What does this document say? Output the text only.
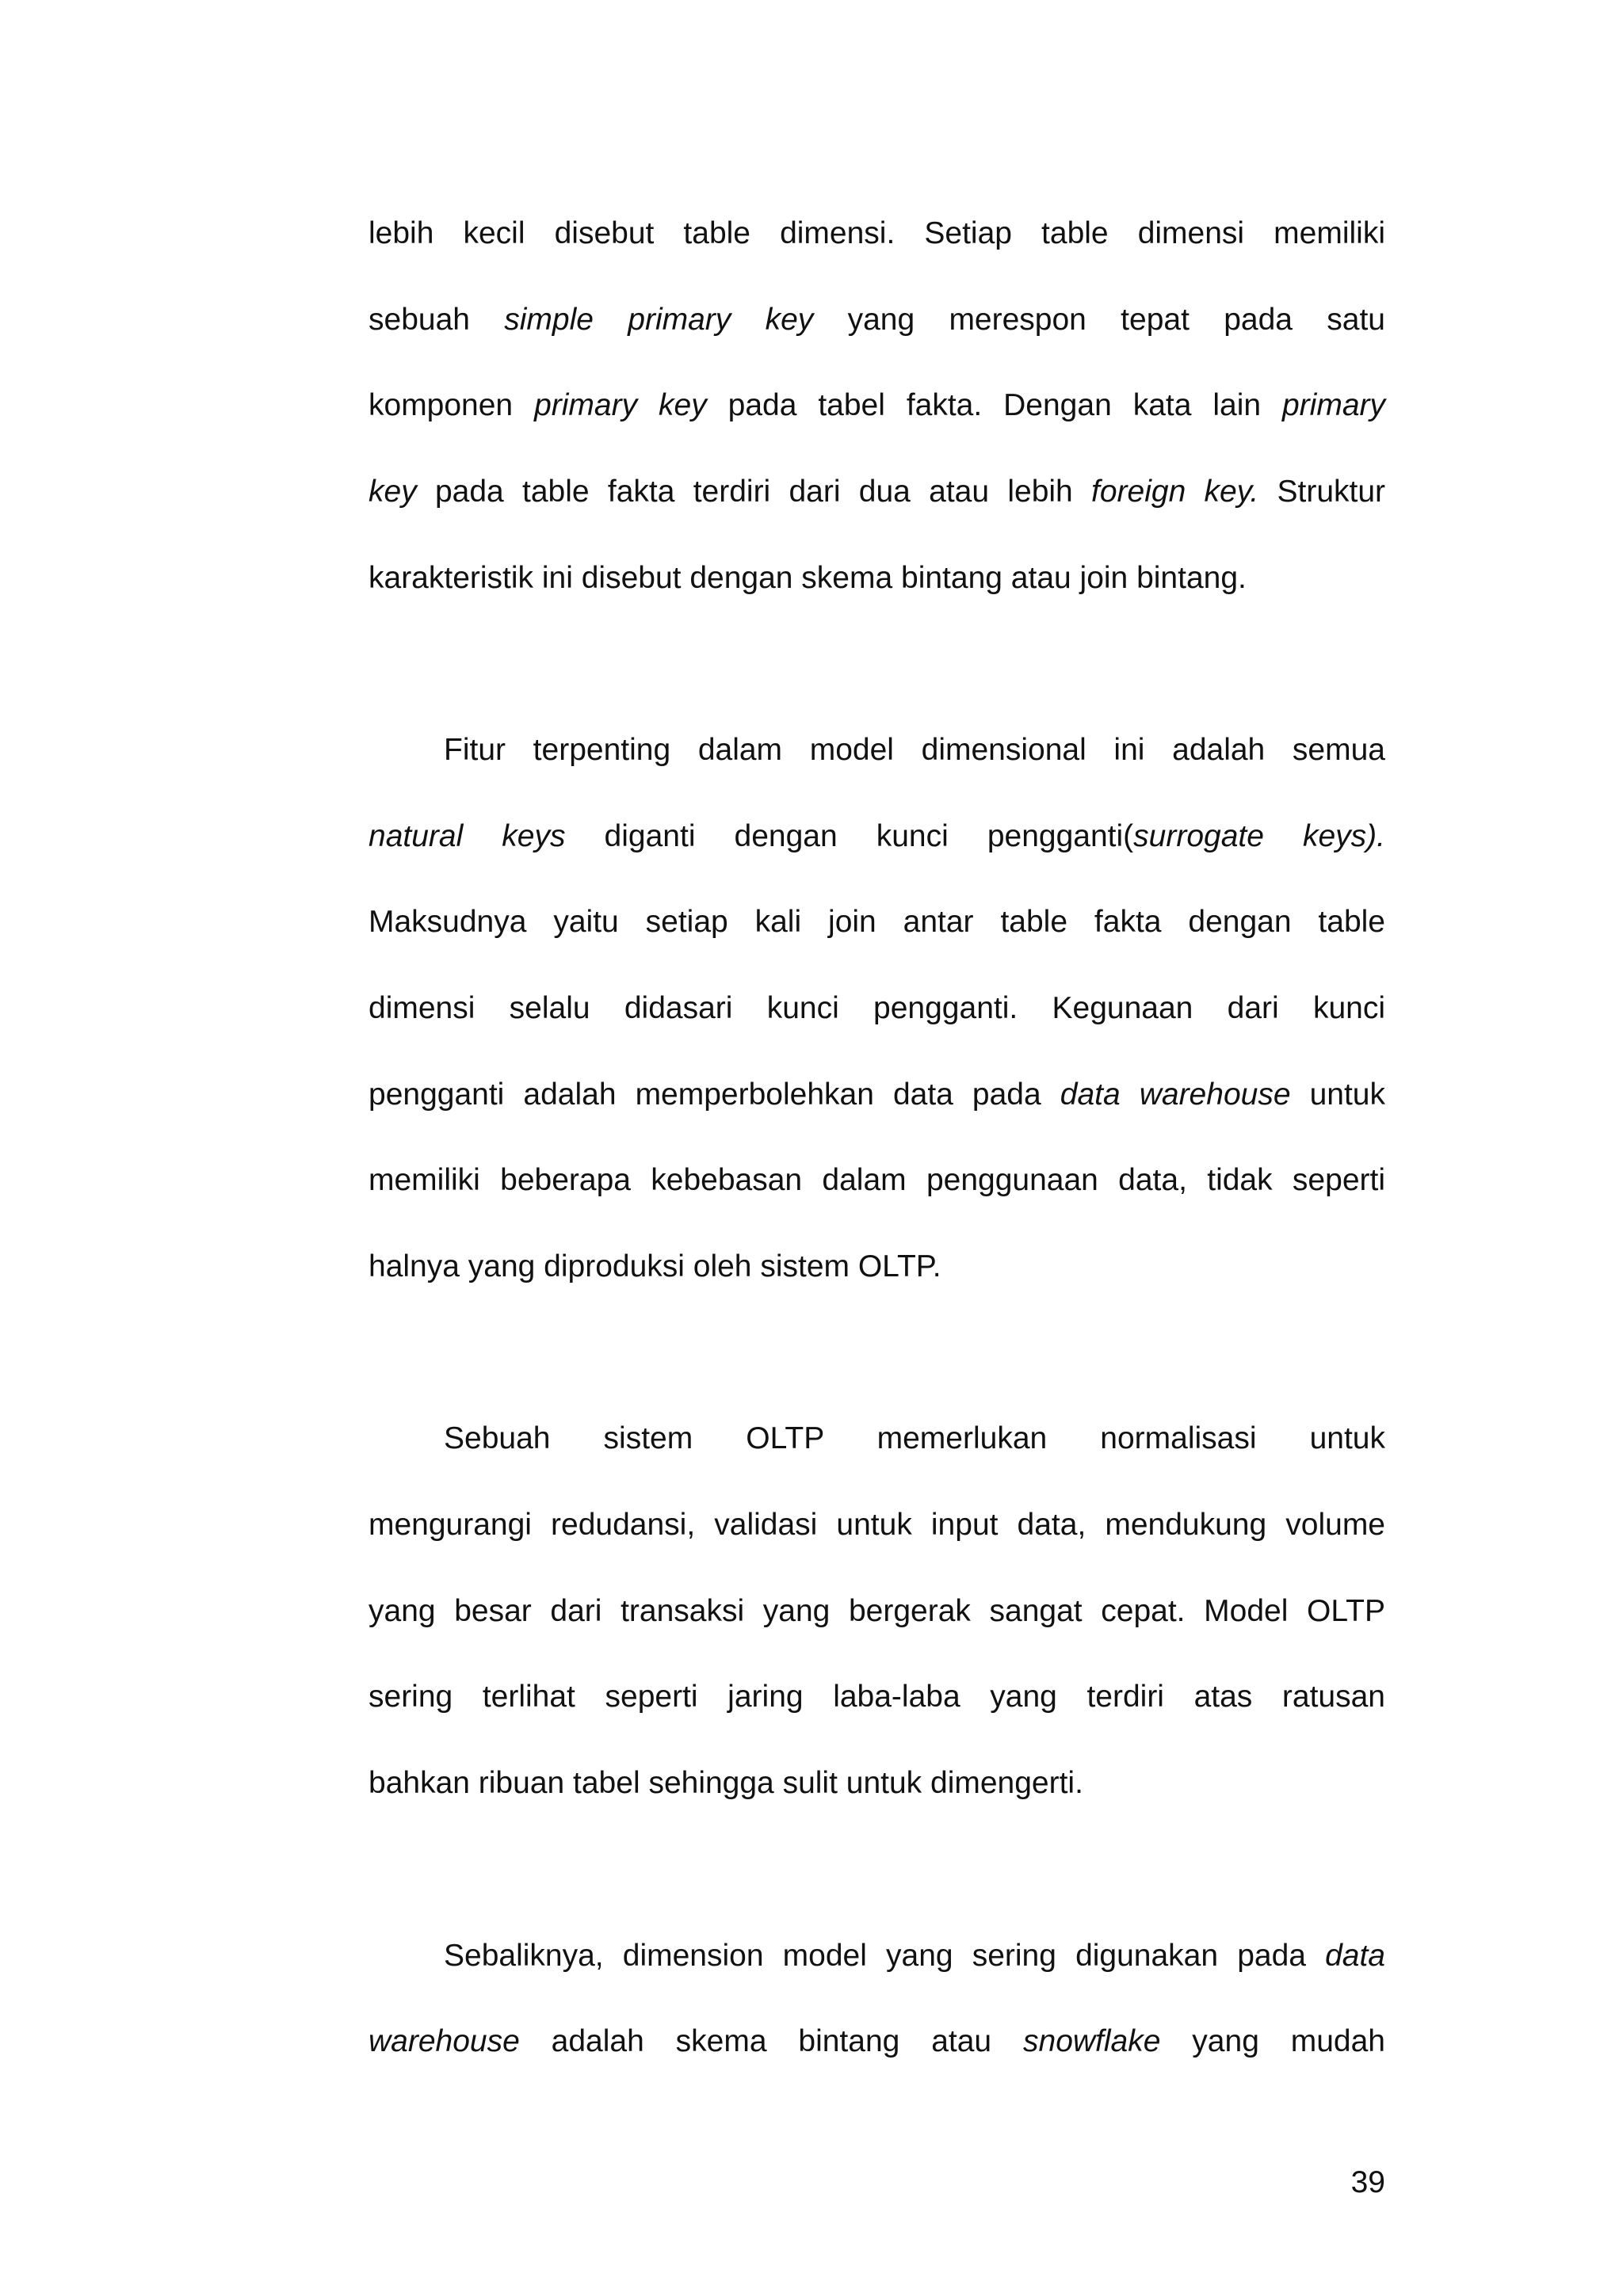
lebih kecil disebut table dimensi. Setiap table dimensi memiliki
sebuah simple primary key yang merespon tepat pada satu
komponen primary key pada tabel fakta. Dengan kata lain primary
key pada table fakta terdiri dari dua atau lebih foreign key. Struktur
karakteristik ini disebut dengan skema bintang atau join bintang.
Fitur terpenting dalam model dimensional ini adalah semua
natural keys diganti dengan kunci pengganti(surrogate keys).
Maksudnya yaitu setiap kali join antar table fakta dengan table
dimensi selalu didasari kunci pengganti. Kegunaan dari kunci
pengganti adalah memperbolehkan data pada data warehouse untuk
memiliki beberapa kebebasan dalam penggunaan data, tidak seperti
halnya yang diproduksi oleh sistem OLTP.
Sebuah sistem OLTP memerlukan normalisasi untuk
mengurangi redudansi, validasi untuk input data, mendukung volume
yang besar dari transaksi yang bergerak sangat cepat. Model OLTP
sering terlihat seperti jaring laba-laba yang terdiri atas ratusan
bahkan ribuan tabel sehingga sulit untuk dimengerti.
Sebaliknya, dimension model yang sering digunakan pada data
warehouse adalah skema bintang atau snowflake yang mudah
39
